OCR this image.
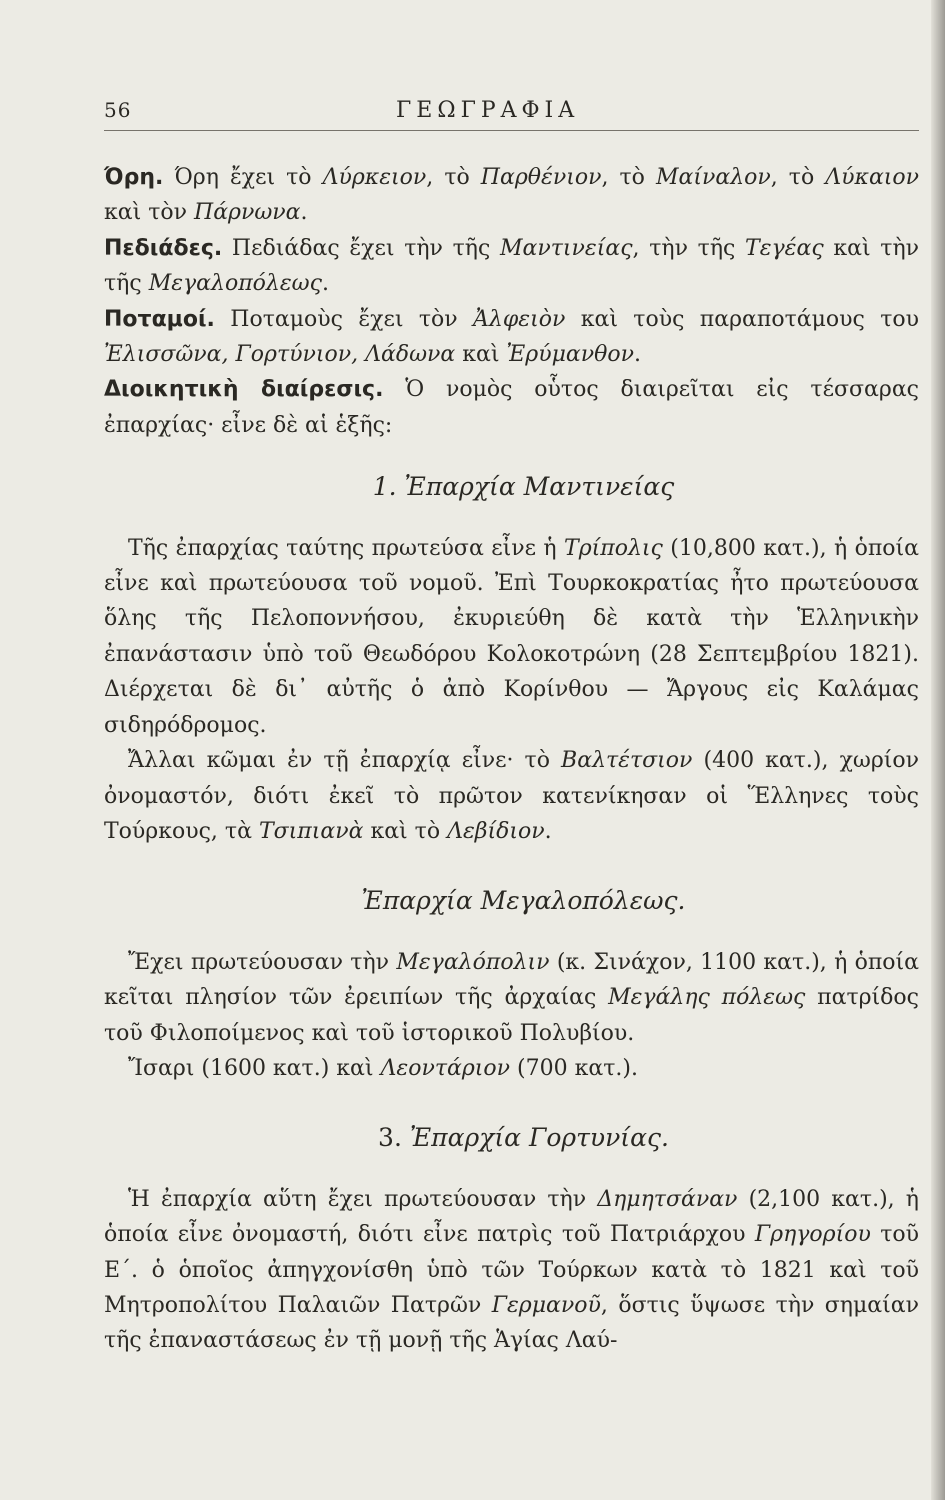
56	ΓΕΩΓΡΑΦΙΑ

Όρη. Όρη ἔχει τὸ Λύρκειον, τὸ Παρθένιον, τὸ Μαίναλον, τὸ Λύκαιον καὶ τὸν Πάρνωνα.

Πεδιάδες. Πεδιάδας ἔχει τὴν τῆς Μαντινείας, τὴν τῆς Τεγέας καὶ τὴν τῆς Μεγαλοπόλεως.

Ποταμοί. Ποταμοὺς ἔχει τὸν Ἀλφειὸν καὶ τοὺς παραποτάμους του Ἐλισσῶνα, Γορτύνιον, Λάδωνα καὶ Ἐρύμανθον.

Διοικητικὴ διαίρεσις. Ὁ νομὸς οὗτος διαιρεῖται εἰς τέσσαρας ἐπαρχίας· εἶνε δὲ αἱ ἑξῆς:

1. Ἐπαρχία Μαντινείας

Τῆς ἐπαρχίας ταύτης πρωτεύσα εἶνε ἡ Τρίπολις (10,800 κατ.), ἡ ὁποία εἶνε καὶ πρωτεύουσα τοῦ νομοῦ. Ἐπὶ Τουρκοκρατίας ἦτο πρωτεύουσα ὅλης τῆς Πελοποννήσου, ἐκυριεύθη δὲ κατὰ τὴν Ἑλληνικὴν ἐπανάστασιν ὑπὸ τοῦ Θεωδόρου Κολοκοτρώνη (28 Σεπτεμβρίου 1821). Διέρχεται δὲ δι᾽ αὐτῆς ὁ ἀπὸ Κορίνθου — Ἄργους εἰς Καλάμας σιδηρόδρομος.

Ἄλλαι κῶμαι ἐν τῇ ἐπαρχίᾳ εἶνε· τὸ Βαλτέτσιον (400 κατ.), χωρίον ὀνομαστόν, διότι ἐκεῖ τὸ πρῶτον κατενίκησαν οἱ Ἕλληνες τοὺς Τούρκους, τὰ Τσιπιανὰ καὶ τὸ Λεβίδιον.

Ἐπαρχία Μεγαλοπόλεως.

Ἔχει πρωτεύουσαν τὴν Μεγαλόπολιν (κ. Σινάχον, 1100 κατ.), ἡ ὁποία κεῖται πλησίον τῶν ἐρειπίων τῆς ἀρχαίας Μεγάλης πόλεως πατρίδος τοῦ Φιλοποίμενος καὶ τοῦ ἱστορικοῦ Πολυβίου.

Ἴσαρι (1600 κατ.) καὶ Λεοντάριον (700 κατ.).

3. Ἐπαρχία Γορτυνίας.

Ἡ ἐπαρχία αὕτη ἔχει πρωτεύουσαν τὴν Δημητσάναν (2,100 κατ.), ἡ ὁποία εἶνε ὀνομαστή, διότι εἶνε πατρὶς τοῦ Πατριάρχου Γρηγορίου τοῦ Ε΄. ὁ ὁποῖος ἀπηγχονίσθη ὑπὸ τῶν Τούρκων κατὰ τὸ 1821 καὶ τοῦ Μητροπολίτου Παλαιῶν Πατρῶν Γερμανοῦ, ὅστις ὕψωσε τὴν σημαίαν τῆς ἐπαναστάσεως ἐν τῇ μονῇ τῆς Ἁγίας Λαύ-
